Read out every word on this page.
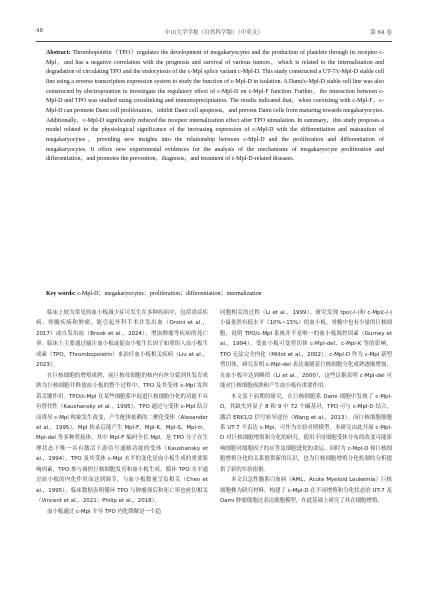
48	中山大学学报（自然科学版）（中英文）	第 64 卷
Abstract: Thrombopoietin（TPO）regulates the development of megakaryocytes and the production of platelets through its receptor c-Mpl，and has a negative correlation with the prognosis and survival of various tumors，which is related to the internalization and degradation of circulating TPO and the endocytosis of the c-Mpl splice variant c-Mpl-D. This study constructed a UT-7/c-Mpl-D stable cell line using a reverse transcription expression system to study the function of c-Mpl-D in isolation. A Dami/c-Mpl-D stable cell line was also constructed by electroporation to investigate the regulatory effect of c-Mpl-D on c-Mpl-F function. Further，the interaction between c-Mpl-D and TPO was studied using crosslinking and immunoprecipitation. The results indicated that，when coexisting with c-Mpl-F，c-Mpl-D can promote Dami cell proliferation，inhibit Dami cell apoptosis，and prevent Dami cells from maturing towards megakaryocytes. Additionally，c-Mpl-D significantly reduced the receptor internalization effect after TPO stimulation. In summary，this study proposes a model related to the physiological significance of the increasing expression of c-Mpl-D with the differentiation and maturation of megakaryocytes，providing new insights into the relationship between c-Mpl-D and the proliferation and differentiation of megakaryocytes. It offers new experimental evidences for the analysis of the mechanisms of megakaryocyte proliferation and differentiation，and promotes the prevention，diagnosis，and treatment of c-Mpl-D-related diseases.
Key words: c-Mpl-D；megakaryocytes；proliferation；differentiation；internalization

临床上较为常见的血小板减少症可发生在多种疾病中，包括炎症疾病、骨髓疾病和肿瘤，能引起外科手术并发出血（Orsini et al.，2017）或自发出血（Brook et al.，2024），增加肿瘤等疾病的死亡率。临床上主要通过输注血小板或促血小板生长因子如重组人血小板生成素（TPO，Thrombopoietin）来治疗血小板相关疾病（Liu et al.，2023）。

在巨核细胞的增殖成熟、前巨核母细胞的核内有丝分裂到其发育成熟为巨核细胞并释放血小板的整个过程中，TPO 及其受体 c-Mpl 发挥着关键作用。TPO/c-Mpl 在某些细胞系中促进巨核细胞分化的功能不具有替代性（Kaushansky et al.，1995）。TPO 通过与受体 c-Mpl 结合而诱导 c-Mpl 构象发生改变，产生配体依赖的二聚化受体（Alexander et al.，1995）。Mpl 转录后能产生 Mpl-F、Mpl-K、Mpl-S、Mpl-tr、Mpl-del 等多种剪接体，其中 Mpl-F 编码全长 Mpl，是 TPO 分子在生理状态下唯一具有激活下游信号通路功能的受体（Kaushansky et al.，1994）。TPO 及其受体 c-Mpl 水平的变化是血小板生成的重要影响因素，TPO 参与调控巨核细胞发育和血小板生成，循环 TPO 水平通过血小板的内化作用而达到调节，与血小板数量呈负相关（Chen et al.，1995），临床数据表明循环 TPO 与肿瘤预后和死亡率也密切相关（Vincent et al.，2021；Philip et al.，2018）。

血小板通过 c-Mpl 介导 TPO 内化降解是一个趋

同胞相关的过程（Li et al.，1999）。研究发现 tpo(-/-)和 c-Mpl(-/-) 小鼠依然有低水平（10%~15%）的血小板，骨髓中也有少量的巨核细胞，说明 TPO/c-Mpl 系统并不是唯一的血小板调控因素（Gurney et al.，1994）。受血小板可变剪切体 c-Mpl-del、c-Mpl-K 等的影响，TPO 无法完全内化（Millot et al.，2002）；c-Mpl-D 作为 c-Mpl 新型剪切体，研究表明 c-Mpl-del 表达量随着巨核细胞分化成熟逐渐增加，在血小板中达到峰值（Li et al.，2000），这些证据表明 c-Mpl-del 可能对巨核细胞成熟和产生血小板有重要作用。

本文基于前期的研究，在巨核细胞系 Dami 细胞中发现了 c-Mpl-D，其缺失外显子 8 和 9 中 72 个碱基对，TPO 可与 c-Mpl-D 结合，激活 ERK1/2 信号转导途径（Wang et al.，2013）。而巨核细胞细胞系 UT-7 不表达 c-Mpl，可作为实验对照模型。本研究由此开展 c-Mpl-D 对巨核细胞增殖和分化的研究，使用不同细胞受体分布的改变可能影响细胞对细胞因子的应答及细胞进化的命运。同时为 c-Mpl-D 和巨核细胞增殖分化的关系提供新的认识，也为巨核细胞增殖分化机制的分析提供了新的实验依据。

本文以急性髓系白血病（AML，Acute Myeloid Leukemia）巨核细胞株为研究材料，构建了 c-Mpl-D 在不同增殖和分化状态的 UT-7 及 Dami 肿瘤细胞过表达细胞模型，在此基础上研究了其在细胞增殖、
